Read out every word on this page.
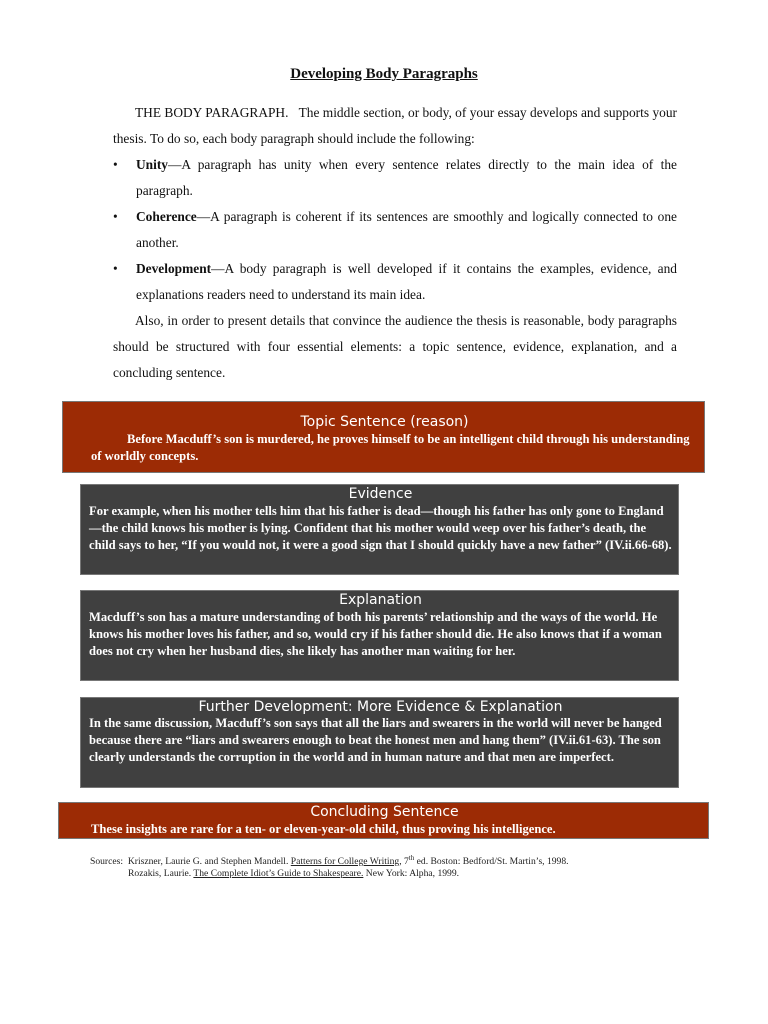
Developing Body Paragraphs

THE BODY PARAGRAPH. The middle section, or body, of your essay develops and supports your thesis. To do so, each body paragraph should include the following:

• Unity—A paragraph has unity when every sentence relates directly to the main idea of the paragraph.
• Coherence—A paragraph is coherent if its sentences are smoothly and logically connected to one another.
• Development—A body paragraph is well developed if it contains the examples, evidence, and explanations readers need to understand its main idea.

Also, in order to present details that convince the audience the thesis is reasonable, body paragraphs should be structured with four essential elements: a topic sentence, evidence, explanation, and a concluding sentence.

Topic Sentence (reason)

Before Macduff’s son is murdered, he proves himself to be an intelligent child through his understanding of worldly concepts.

Evidence

For example, when his mother tells him that his father is dead—though his father has only gone to England—the child knows his mother is lying. Confident that his mother would weep over his father’s death, the child says to her, “If you would not, it were a good sign that I should quickly have a new father” (IV.ii.66-68).

Explanation

Macduff’s son has a mature understanding of both his parents’ relationship and the ways of the world. He knows his mother loves his father, and so, would cry if his father should die. He also knows that if a woman does not cry when her husband dies, she likely has another man waiting for her.

Further Development: More Evidence & Explanation

In the same discussion, Macduff’s son says that all the liars and swearers in the world will never be hanged because there are “liars and swearers enough to beat the honest men and hang them” (IV.ii.61-63). The son clearly understands the corruption in the world and in human nature and that men are imperfect.

Concluding Sentence

These insights are rare for a ten- or eleven-year-old child, thus proving his intelligence.

Sources: Kriszner, Laurie G. and Stephen Mandell. Patterns for College Writing, 7th ed. Boston: Bedford/St. Martin’s, 1998.
Rozakis, Laurie. The Complete Idiot’s Guide to Shakespeare. New York: Alpha, 1999.
